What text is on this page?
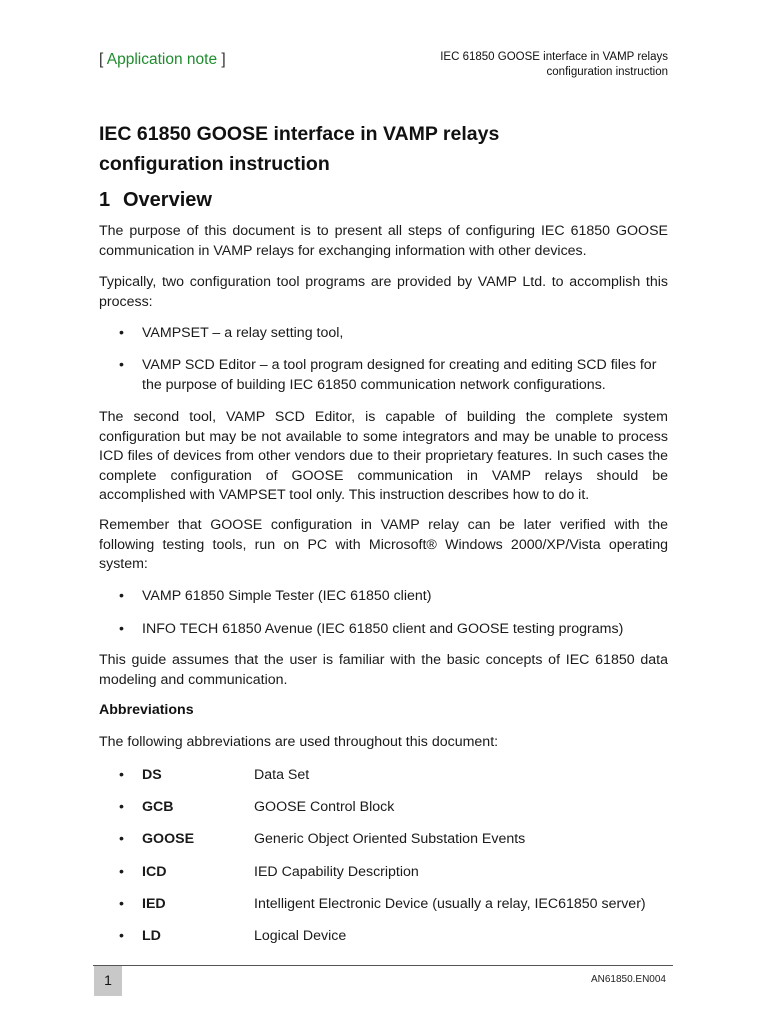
[ Application note ]	IEC 61850 GOOSE interface in VAMP relays
configuration instruction
IEC 61850 GOOSE interface in VAMP relays
configuration instruction
1 Overview

The purpose of this document is to present all steps of configuring IEC 61850 GOOSE communication in VAMP relays for exchanging information with other devices.

Typically, two configuration tool programs are provided by VAMP Ltd. to accomplish this process:

• VAMPSET – a relay setting tool,
• VAMP SCD Editor – a tool program designed for creating and editing SCD files for the purpose of building IEC 61850 communication network configurations.

The second tool, VAMP SCD Editor, is capable of building the complete system configuration but may be not available to some integrators and may be unable to process ICD files of devices from other vendors due to their proprietary features. In such cases the complete configuration of GOOSE communication in VAMP relays should be accomplished with VAMPSET tool only. This instruction describes how to do it.

Remember that GOOSE configuration in VAMP relay can be later verified with the following testing tools, run on PC with Microsoft® Windows 2000/XP/Vista operating system:

• VAMP 61850 Simple Tester (IEC 61850 client)
• INFO TECH 61850 Avenue (IEC 61850 client and GOOSE testing programs)

This guide assumes that the user is familiar with the basic concepts of IEC 61850 data modeling and communication.

Abbreviations

The following abbreviations are used throughout this document:

• DS	Data Set
• GCB	GOOSE Control Block
• GOOSE	Generic Object Oriented Substation Events
• ICD	IED Capability Description
• IED	Intelligent Electronic Device (usually a relay, IEC61850 server)
• LD	Logical Device
1	AN61850.EN004
